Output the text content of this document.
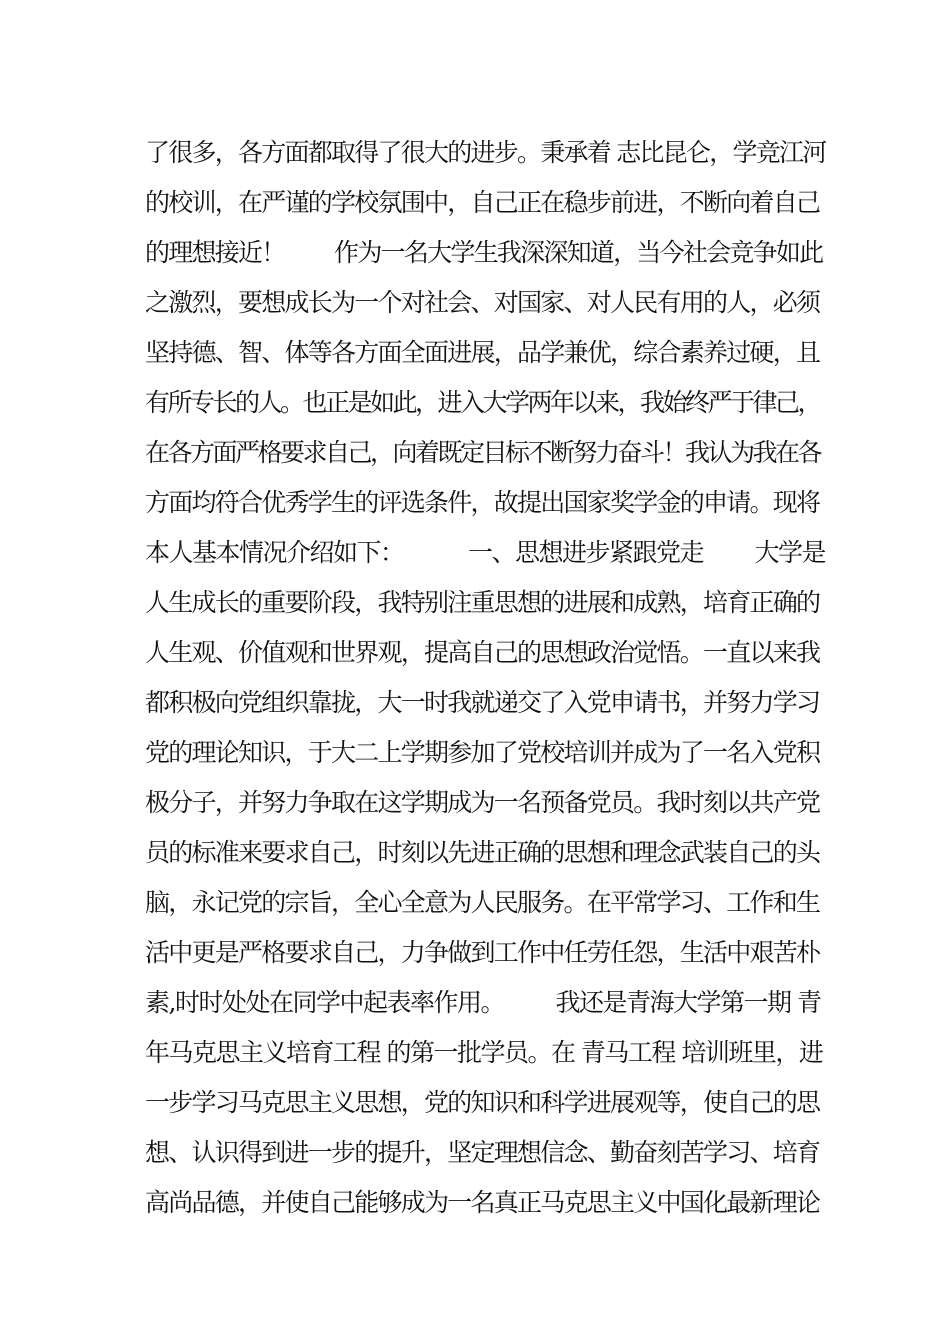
了很多，各方面都取得了很大的进步。秉承着 志比昆仑，学竞江河
的校训，在严谨的学校氛围中，自己正在稳步前进，不断向着自己
的理想接近！        作为一名大学生我深深知道，当今社会竞争如此
之激烈，要想成长为一个对社会、对国家、对人民有用的人，必须
坚持德、智、体等各方面全面进展，品学兼优，综合素养过硬，且
有所专长的人。也正是如此，进入大学两年以来，我始终严于律己，
在各方面严格要求自己，向着既定目标不断努力奋斗！我认为我在各
方面均符合优秀学生的评选条件，故提出国家奖学金的申请。现将
本人基本情况介绍如下：          一、思想进步紧跟党走        大学是
人生成长的重要阶段，我特别注重思想的进展和成熟，培育正确的
人生观、价值观和世界观，提高自己的思想政治觉悟。一直以来我
都积极向党组织靠拢，大一时我就递交了入党申请书，并努力学习
党的理论知识，于大二上学期参加了党校培训并成为了一名入党积
极分子，并努力争取在这学期成为一名预备党员。我时刻以共产党
员的标准来要求自己，时刻以先进正确的思想和理念武装自己的头
脑，永记党的宗旨，全心全意为人民服务。在平常学习、工作和生
活中更是严格要求自己，力争做到工作中任劳任怨，生活中艰苦朴
素,时时处处在同学中起表率作用。        我还是青海大学第一期 青
年马克思主义培育工程 的第一批学员。在 青马工程 培训班里，进
一步学习马克思主义思想，党的知识和科学进展观等，使自己的思
想、认识得到进一步的提升，坚定理想信念、勤奋刻苦学习、培育
高尚品德，并使自己能够成为一名真正马克思主义中国化最新理论
